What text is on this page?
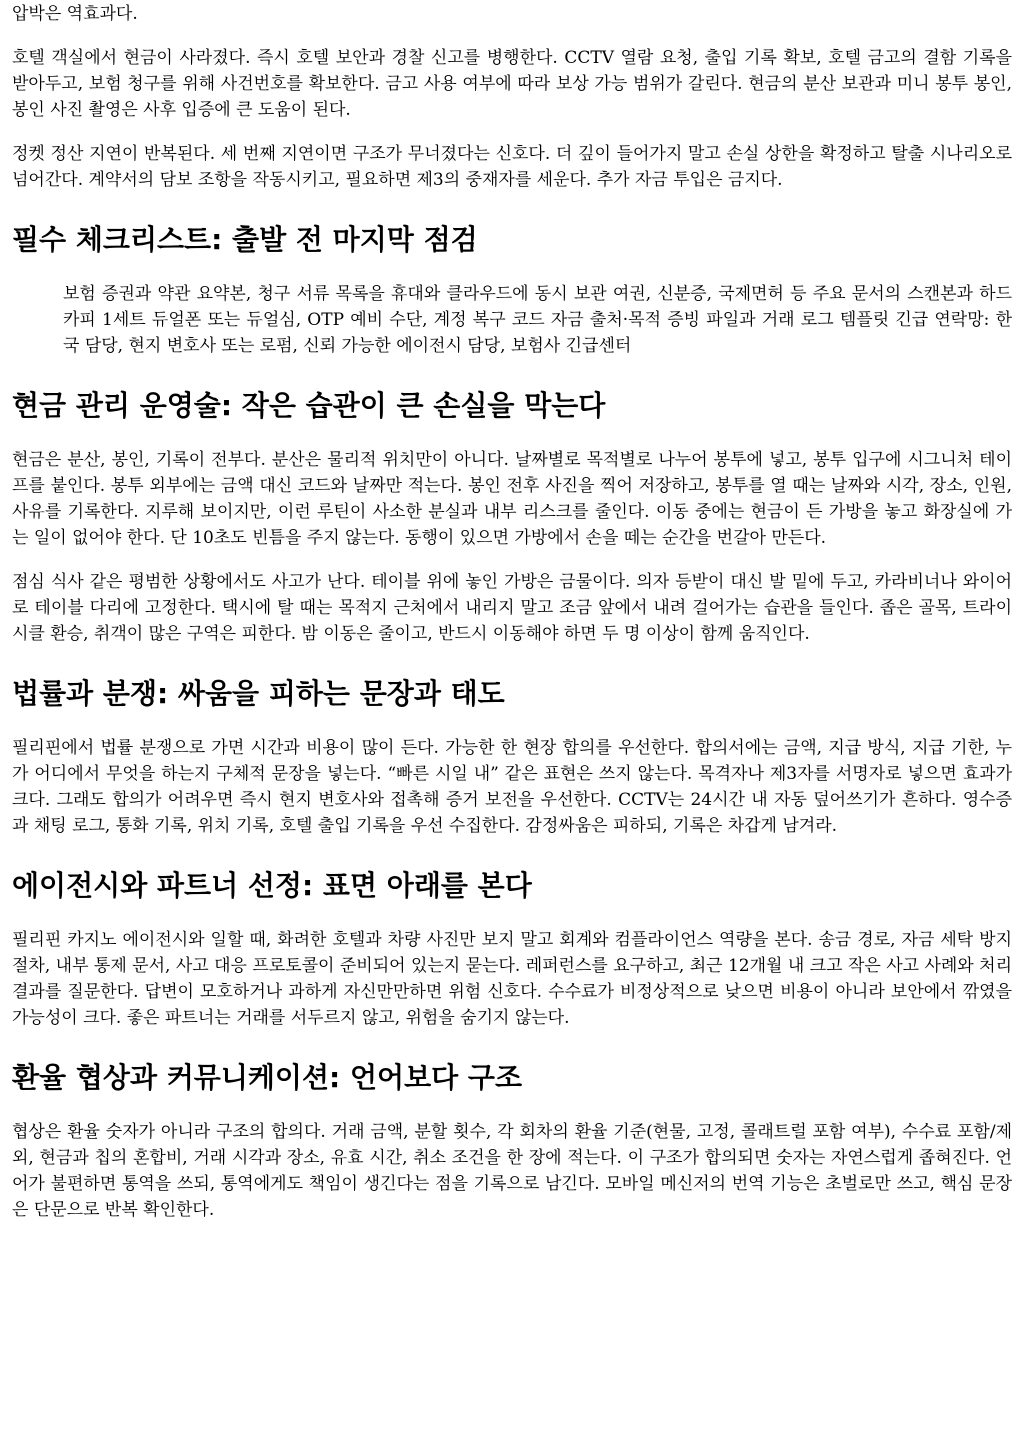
압박은 역효과다.

호텔 객실에서 현금이 사라졌다. 즉시 호텔 보안과 경찰 신고를 병행한다. CCTV 열람 요청, 출입 기록 확보, 호텔 금고의 결함 기록을 받아두고, 보험 청구를 위해 사건번호를 확보한다. 금고 사용 여부에 따라 보상 가능 범위가 갈린다. 현금의 분산 보관과 미니 봉투 봉인, 봉인 사진 촬영은 사후 입증에 큰 도움이 된다.

정켓 정산 지연이 반복된다. 세 번째 지연이면 구조가 무너졌다는 신호다. 더 깊이 들어가지 말고 손실 상한을 확정하고 탈출 시나리오로 넘어간다. 계약서의 담보 조항을 작동시키고, 필요하면 제3의 중재자를 세운다. 추가 자금 투입은 금지다.

필수 체크리스트: 출발 전 마지막 점검

보험 증권과 약관 요약본, 청구 서류 목록을 휴대와 클라우드에 동시 보관 여권, 신분증, 국제면허 등 주요 문서의 스캔본과 하드카피 1세트 듀얼폰 또는 듀얼심, OTP 예비 수단, 계정 복구 코드 자금 출처·목적 증빙 파일과 거래 로그 템플릿 긴급 연락망: 한국 담당, 현지 변호사 또는 로펌, 신뢰 가능한 에이전시 담당, 보험사 긴급센터

현금 관리 운영술: 작은 습관이 큰 손실을 막는다

현금은 분산, 봉인, 기록이 전부다. 분산은 물리적 위치만이 아니다. 날짜별로 목적별로 나누어 봉투에 넣고, 봉투 입구에 시그니처 테이프를 붙인다. 봉투 외부에는 금액 대신 코드와 날짜만 적는다. 봉인 전후 사진을 찍어 저장하고, 봉투를 열 때는 날짜와 시각, 장소, 인원, 사유를 기록한다. 지루해 보이지만, 이런 루틴이 사소한 분실과 내부 리스크를 줄인다. 이동 중에는 현금이 든 가방을 놓고 화장실에 가는 일이 없어야 한다. 단 10초도 빈틈을 주지 않는다. 동행이 있으면 가방에서 손을 떼는 순간을 번갈아 만든다.

점심 식사 같은 평범한 상황에서도 사고가 난다. 테이블 위에 놓인 가방은 금물이다. 의자 등받이 대신 발 밑에 두고, 카라비너나 와이어로 테이블 다리에 고정한다. 택시에 탈 때는 목적지 근처에서 내리지 말고 조금 앞에서 내려 걸어가는 습관을 들인다. 좁은 골목, 트라이시클 환승, 취객이 많은 구역은 피한다. 밤 이동은 줄이고, 반드시 이동해야 하면 두 명 이상이 함께 움직인다.

법률과 분쟁: 싸움을 피하는 문장과 태도

필리핀에서 법률 분쟁으로 가면 시간과 비용이 많이 든다. 가능한 한 현장 합의를 우선한다. 합의서에는 금액, 지급 방식, 지급 기한, 누가 어디에서 무엇을 하는지 구체적 문장을 넣는다. “빠른 시일 내” 같은 표현은 쓰지 않는다. 목격자나 제3자를 서명자로 넣으면 효과가 크다. 그래도 합의가 어려우면 즉시 현지 변호사와 접촉해 증거 보전을 우선한다. CCTV는 24시간 내 자동 덮어쓰기가 흔하다. 영수증과 채팅 로그, 통화 기록, 위치 기록, 호텔 출입 기록을 우선 수집한다. 감정싸움은 피하되, 기록은 차갑게 남겨라.

에이전시와 파트너 선정: 표면 아래를 본다

필리핀 카지노 에이전시와 일할 때, 화려한 호텔과 차량 사진만 보지 말고 회계와 컴플라이언스 역량을 본다. 송금 경로, 자금 세탁 방지 절차, 내부 통제 문서, 사고 대응 프로토콜이 준비되어 있는지 묻는다. 레퍼런스를 요구하고, 최근 12개월 내 크고 작은 사고 사례와 처리 결과를 질문한다. 답변이 모호하거나 과하게 자신만만하면 위험 신호다. 수수료가 비정상적으로 낮으면 비용이 아니라 보안에서 깎였을 가능성이 크다. 좋은 파트너는 거래를 서두르지 않고, 위험을 숨기지 않는다.

환율 협상과 커뮤니케이션: 언어보다 구조

협상은 환율 숫자가 아니라 구조의 합의다. 거래 금액, 분할 횟수, 각 회차의 환율 기준(현물, 고정, 콜래트럴 포함 여부), 수수료 포함/제외, 현금과 칩의 혼합비, 거래 시각과 장소, 유효 시간, 취소 조건을 한 장에 적는다. 이 구조가 합의되면 숫자는 자연스럽게 좁혀진다. 언어가 불편하면 통역을 쓰되, 통역에게도 책임이 생긴다는 점을 기록으로 남긴다. 모바일 메신저의 번역 기능은 초벌로만 쓰고, 핵심 문장은 단문으로 반복 확인한다.
